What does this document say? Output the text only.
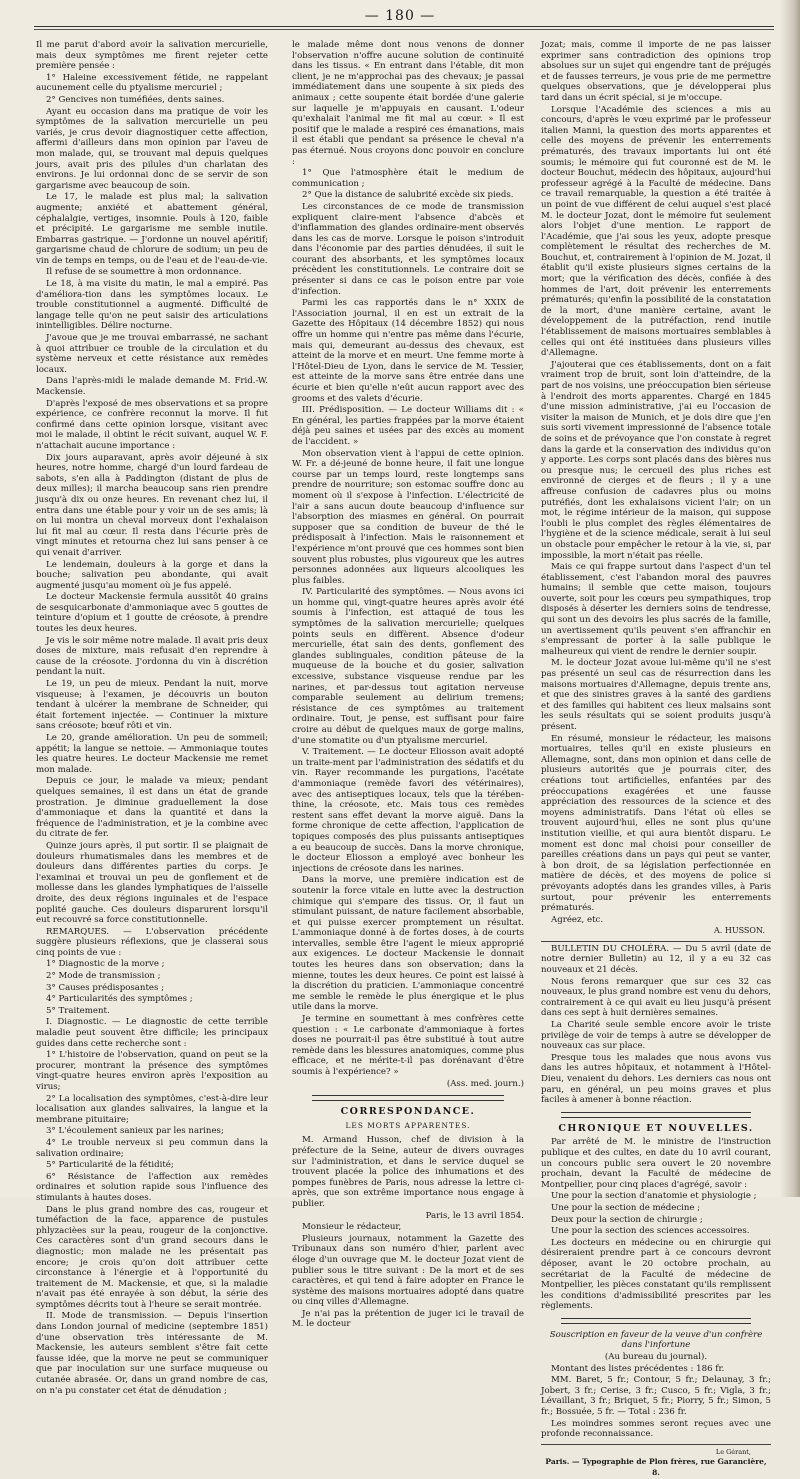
— 180 —

Il me parut d'abord avoir la salivation mercurielle, mais deux symptômes me firent rejeter cette première pensée :

1° Haleine excessivement fétide, ne rappelant aucunement celle du ptyalisme mercuriel ;

2° Gencives non tuméfiées, dents saines.

Ayant eu occasion dans ma pratique de voir les symptômes de la salivation mercurielle un peu variés, je crus devoir diagnostiquer cette affection, affermi d'ailleurs dans mon opinion par l'aveu de mon malade, qui, se trouvant mal depuis quelques jours, avait pris des pilules d'un charlatan des environs. Je lui ordonnai donc de se servir de son gargarisme avec beaucoup de soin.

Le 17, le malade est plus mal; la salivation augmente; anxiété et abattement général, céphalalgie, vertiges, insomnie. Pouls à 120, faible et précipité. Le gargarisme me semble inutile. Embarras gastrique. — J'ordonne un nouvel apéritif; gargarisme chaud de chlorure de sodium; un peu de vin de temps en temps, ou de l'eau et de l'eau-de-vie.

Il refuse de se soumettre à mon ordonnance.

Le 18, à ma visite du matin, le mal a empiré. Pas d'améliora-tion dans les symptômes locaux. Le trouble constitutionnel a augmenté. Difficulté de langage telle qu'on ne peut saisir des articulations inintelligibles. Délire nocturne.

J'avoue que je me trouvai embarrassé, ne sachant à quoi attribuer ce trouble de la circulation et du système nerveux et cette résistance aux remèdes locaux.

Dans l'après-midi le malade demande M. Frid.-W. Mackensie.

D'après l'exposé de mes observations et sa propre expérience, ce confrère reconnut la morve. Il fut confirmé dans cette opinion lorsque, visitant avec moi le malade, il obtint le récit suivant, auquel W. F. n'attachait aucune importance :

Dix jours auparavant, après avoir déjeuné à six heures, notre homme, chargé d'un lourd fardeau de sabots, s'en alla à Paddington (distant de plus de deux milles); il marcha beaucoup sans rien prendre jusqu'à dix ou onze heures. En revenant chez lui, il entra dans une étable pour y voir un de ses amis; là on lui montra un cheval morveux dont l'exhalaison lui fit mal au cœur. Il resta dans l'écurie près de vingt minutes et retourna chez lui sans penser à ce qui venait d'arriver.

Le lendemain, douleurs à la gorge et dans la bouche; salivation peu abondante, qui avait augmenté jusqu'au moment où je fus appelé.

Le docteur Mackensie fermula aussitôt 40 grains de sesquicarbonate d'ammoniaque avec 5 gouttes de teinture d'opium et 1 goutte de créosote, à prendre toutes les deux heures.

Je vis le soir même notre malade. Il avait pris deux doses de mixture, mais refusait d'en reprendre à cause de la créosote. J'ordonna du vin à discrétion pendant la nuit.

Le 19, un peu de mieux. Pendant la nuit, morve visqueuse; à l'examen, je découvris un bouton tendant à ulcérer la membrane de Schneider, qui était fortement injectée. — Continuer la mixture sans créosote; bœuf rôti et vin.

Le 20, grande amélioration. Un peu de sommeil; appétit; la langue se nettoie. — Ammoniaque toutes les quatre heures. Le docteur Mackensie me remet mon malade.

Depuis ce jour, le malade va mieux; pendant quelques semaines, il est dans un état de grande prostration. Je diminue graduellement la dose d'ammoniaque et dans la quantité et dans la fréquence de l'administration, et je la combine avec du citrate de fer.

Quinze jours après, il put sortir. Il se plaignait de douleurs rhumatismales dans les membres et de douleurs dans différentes parties du corps. Je l'examinai et trouvai un peu de gonflement et de mollesse dans les glandes lymphatiques de l'aisselle droite, des deux régions inguinales et de l'espace poplité gauche. Ces douleurs disparurent lorsqu'il eut recouvré sa force constitutionnelle.

REMARQUES. — L'observation précédente suggère plusieurs réflexions, que je classerai sous cinq points de vue :

1° Diagnostic de la morve ;

2° Mode de transmission ;

3° Causes prédisposantes ;

4° Particularités des symptômes ;

5° Traitement.

I. Diagnostic. — Le diagnostic de cette terrible maladie peut souvent être difficile; les principaux guides dans cette recherche sont :

1° L'histoire de l'observation, quand on peut se la procurer, montrant la présence des symptômes vingt-quatre heures environ après l'exposition au virus;

2° La localisation des symptômes, c'est-à-dire leur localisation aux glandes salivaires, la langue et la membrane pituitaire;

3° L'écoulement sanieux par les narines;

4° Le trouble nerveux si peu commun dans la salivation ordinaire;

5° Particularité de la fétidité;

6° Résistance de l'affection aux remèdes ordinaires et solution rapide sous l'influence des stimulants à hautes doses.

Dans le plus grand nombre des cas, rougeur et tuméfaction de la face, apparence de pustules phlyzacièes sur la peau, rougeur de la conjonctive. Ces caractères sont d'un grand secours dans le diagnostic; mon malade ne les présentait pas encore; je crois qu'on doit attribuer cette circonstance à l'énergie et à l'opportunité du traitement de M. Mackensie, et que, si la maladie n'avait pas été enrayée à son début, la série des symptômes décrits tout à l'heure se serait montrée.

II. Mode de transmission. — Depuis l'insertion dans London journal of medicine (septembre 1851) d'une observation très intéressante de M. Mackensie, les auteurs semblent s'être fait cette fausse idée, que la morve ne peut se communiquer que par inoculation sur une surface muqueuse ou cutanée abrasée. Or, dans un grand nombre de cas, on n'a pu constater cet état de dénudation ;

le malade même dont nous venons de donner l'observation n'offre aucune solution de continuité dans les tissus. « En entrant dans l'étable, dit mon client, je ne m'approchai pas des chevaux; je passai immédiatement dans une soupente à six pieds des animaux ; cette soupente était bordée d'une galerie sur laquelle je m'appuyais en causant. L'odeur qu'exhalait l'animal me fit mal au cœur. » Il est positif que le malade a respiré ces émanations, mais il est établi que pendant sa présence le cheval n'a pas éternué. Nous croyons donc pouvoir en conclure :

1° Que l'atmosphère était le medium de communication ;

2° Que la distance de salubrité excède six pieds.

Les circonstances de ce mode de transmission expliquent claire-ment l'absence d'abcès et d'inflammation des glandes ordinaire-ment observés dans les cas de morve. Lorsque le poison s'introduit dans l'économie par des parties dénudées, il suit le courant des absorbants, et les symptômes locaux précèdent les constitutionnels. Le contraire doit se présenter si dans ce cas le poison entre par voie d'infection.

Parmi les cas rapportés dans le n° XXIX de l'Association journal, il en est un extrait de la Gazette des Hôpitaux (14 décembre 1852) qui nous offre un homme qui n'entre pas même dans l'écurie, mais qui, demeurant au-dessus des chevaux, est atteint de la morve et en meurt. Une femme morte à l'Hôtel-Dieu de Lyon, dans le service de M. Tessier, est atteinte de la morve sans être entrée dans une écurie et bien qu'elle n'eût aucun rapport avec des grooms et des valets d'écurie.

III. Prédisposition. — Le docteur Williams dit : « En général, les parties frappées par la morve étaient déjà peu saines et usées par des excès au moment de l'accident. »

Mon observation vient à l'appui de cette opinion. W. Fr. a dé-jeuné de bonne heure, il fait une longue course par un temps lourd, reste longtemps sans prendre de nourriture; son estomac souffre donc au moment où il s'expose à l'infection. L'électricité de l'air a sans aucun doute beaucoup d'influence sur l'absorption des miasmes en général. On pourrait supposer que sa condition de buveur de thé le prédisposait à l'infection. Mais le raisonnement et l'expérience m'ont prouvé que ces hommes sont bien souvent plus robustes, plus vigoureux que les autres personnes adonnées aux liqueurs alcooliques les plus faibles.

IV. Particularité des symptômes. — Nous avons ici un homme qui, vingt-quatre heures après avoir été soumis à l'infection, est attaqué de tous les symptômes de la salivation mercurielle; quelques points seuls en diffèrent. Absence d'odeur mercurielle, état sain des dents, gonflement des glandes sublinguales, condition pâteuse de la muqueuse de la bouche et du gosier, salivation excessive, substance visqueuse rendue par les narines, et par-dessus tout agitation nerveuse comparable seulement au delirium tremens; résistance de ces symptômes au traitement ordinaire. Tout, je pense, est suffisant pour faire croire au début de quelques maux de gorge malins, d'une stomatite ou d'un ptyalisme mercuriel.

V. Traitement. — Le docteur Eliosson avait adopté un traite-ment par l'administration des sédatifs et du vin. Rayer recommande les purgations, l'acétate d'ammoniaque (remède favori des vétérinaires), avec des antiseptiques locaux, tels que la térében-thine, la créosote, etc. Mais tous ces remèdes restent sans effet devant la morve aiguë. Dans la forme chronique de cette affection, l'application de topiques composés des plus puissants antiseptiques a eu beaucoup de succès. Dans la morve chronique, le docteur Eliosson a employé avec bonheur les injections de créosote dans les narines.

Dans la morve, une première indication est de soutenir la force vitale en lutte avec la destruction chimique qui s'empare des tissus. Or, il faut un stimulant puissant, de nature facilement absorbable, et qui puisse exercer promptement un résultat. L'ammoniaque donné à de fortes doses, à de courts intervalles, semble être l'agent le mieux approprié aux exigences. Le docteur Mackensie le donnait toutes les heures dans son observation; dans la mienne, toutes les deux heures. Ce point est laissé à la discrétion du praticien. L'ammoniaque concentré me semble le remède le plus énergique et le plus utile dans la morve.

Je termine en soumettant à mes confrères cette question : « Le carbonate d'ammoniaque à fortes doses ne pourrait-il pas être substitué à tout autre remède dans les blessures anatomiques, comme plus efficace, et ne mérite-t-il pas dorénavant d'être soumis à l'expérience? »

(Ass. med. journ.)

CORRESPONDANCE.
LES MORTS APPARENTES.

M. Armand Husson, chef de division à la préfecture de la Seine, auteur de divers ouvrages sur l'administration, et dans le service duquel se trouvent placée la police des inhumations et des pompes funèbres de Paris, nous adresse la lettre ci-après, que son extrême importance nous engage à publier.

Paris, le 13 avril 1854.

Monsieur le rédacteur,

Plusieurs journaux, notamment la Gazette des Tribunaux dans son numéro d'hier, parlent avec éloge d'un ouvrage que M. le docteur Jozat vient de publier sous le titre suivant : De la mort et de ses caractères, et qui tend à faire adopter en France le système des maisons mortuaires adopté dans quatre ou cinq villes d'Allemagne.

Je n'ai pas la prétention de juger ici le travail de M. le docteur

Jozat; mais, comme il importe de ne pas laisser exprimer sans contradiction des opinions trop absolues sur un sujet qui engendre tant de préjugés et de fausses terreurs, je vous prie de me permettre quelques observations, que je développerai plus tard dans un écrit spécial, si je m'occupe.

Lorsque l'Académie des sciences a mis au concours, d'après le vœu exprimé par le professeur italien Manni, la question des morts apparentes et celle des moyens de prévenir les enterrements prématurés, des travaux importants lui ont été soumis; le mémoire qui fut couronné est de M. le docteur Bouchut, médecin des hôpitaux, aujourd'hui professeur agrégé à la Faculté de médecine. Dans ce travail remarquable, la question a été traitée à un point de vue différent de celui auquel s'est placé M. le docteur Jozat, dont le mémoire fut seulement alors l'objet d'une mention. Le rapport de l'Académie, que j'ai sous les yeux, adopte presque complètement le résultat des recherches de M. Bouchut, et, contrairement à l'opinion de M. Jozat, il établit qu'il existe plusieurs signes certains de la mort; que la vérification des décès, confiée à des hommes de l'art, doit prévenir les enterrements prématurés; qu'enfin la possibilité de la constatation de la mort, d'une manière certaine, avant le développement de la putréfaction, rend inutile l'établissement de maisons mortuaires semblables à celles qui ont été instituées dans plusieurs villes d'Allemagne.

J'ajouterai que ces établissements, dont on a fait vraiment trop de bruit, sont loin d'atteindre, de la part de nos voisins, une préoccupation bien sérieuse à l'endroit des morts apparentes. Chargé en 1845 d'une mission administrative, j'ai eu l'occasion de visiter la maison de Munich, et je dois dire que j'en suis sorti vivement impressionné de l'absence totale de soins et de prévoyance que l'on constate à regret dans la garde et la conservation des individus qu'on y apporte. Les corps sont placés dans des bières nus ou presque nus; le cercueil des plus riches est environné de cierges et de fleurs ; il y a une affreuse confusion de cadavres plus ou moins putréfiés, dont les exhalaisons vicient l'air; on un mot, le régime intérieur de la maison, qui suppose l'oubli le plus complet des règles élémentaires de l'hygiène et de la science médicale, serait à lui seul un obstacle pour empêcher le retour à la vie, si, par impossible, la mort n'était pas réelle.

Mais ce qui frappe surtout dans l'aspect d'un tel établissement, c'est l'abandon moral des pauvres humains; il semble que cette maison, toujours ouverte, soit pour les cœurs peu sympathiques, trop disposés à déserter les derniers soins de tendresse, qui sont un des devoirs les plus sacrés de la famille, un avertissement qu'ils peuvent s'en affranchir en s'empressant de porter à la salle publique le malheureux qui vient de rendre le dernier soupir.

M. le docteur Jozat avoue lui-même qu'il ne s'est pas présenté un seul cas de résurrection dans les maisons mortuaires d'Allemagne, depuis trente ans, et que des sinistres graves à la santé des gardiens et des familles qui habitent ces lieux malsains sont les seuls résultats qui se soient produits jusqu'à présent.

En résumé, monsieur le rédacteur, les maisons mortuaires, telles qu'il en existe plusieurs en Allemagne, sont, dans mon opinion et dans celle de plusieurs autorités que je pourrais citer, des créations tout artificielles, enfantées par des préoccupations exagérées et une fausse appréciation des ressources de la science et des moyens administratifs. Dans l'état où elles se trouvent aujourd'hui, elles ne sont plus qu'une institution vieillie, et qui aura bientôt disparu. Le moment est donc mal choisi pour conseiller de pareilles créations dans un pays qui peut se vanter, à bon droit, de sa législation perfectionnée en matière de décès, et des moyens de police si prévoyants adoptés dans les grandes villes, à Paris surtout, pour prévenir les enterrements prématurés.

Agréez, etc.

A. HUSSON.

BULLETIN DU CHOLÉRA. — Du 5 avril (date de notre dernier Bulletin) au 12, il y a eu 32 cas nouveaux et 21 décès.

Nous ferons remarquer que sur ces 32 cas nouveaux, le plus grand nombre est venu du dehors, contrairement à ce qui avait eu lieu jusqu'à présent dans ces sept à huit dernières semaines.

La Charité seule semble encore avoir le triste privilège de voir de temps à autre se développer de nouveaux cas sur place.

Presque tous les malades que nous avons vus dans les autres hôpitaux, et notamment à l'Hôtel-Dieu, venaient du dehors. Les derniers cas nous ont paru, en général, un peu moins graves et plus faciles à amener à bonne réaction.

CHRONIQUE ET NOUVELLES.

Par arrêté de M. le ministre de l'instruction publique et des cultes, en date du 10 avril courant, un concours public sera ouvert le 20 novembre prochain, devant la Faculté de médecine de Montpellier, pour cinq places d'agrégé, savoir :

Une pour la section d'anatomie et physiologie ;

Une pour la section de médecine ;

Deux pour la section de chirurgie ;

Une pour la section des sciences accessoires.

Les docteurs en médecine ou en chirurgie qui désireraient prendre part à ce concours devront déposer, avant le 20 octobre prochain, au secrétariat de la Faculté de médecine de Montpellier, les pièces constatant qu'ils remplissent les conditions d'admissibilité prescrites par les règlements.

Souscription en faveur de la veuve d'un confrère dans l'infortune

(Au bureau du journal).

Montant des listes précédentes : 186 fr.

MM. Baret, 5 fr.; Contour, 5 fr.; Delaunay, 3 fr.; Jobert, 3 fr.; Cerise, 3 fr.; Cusco, 5 fr.; Vigla, 3 fr.; Lévaillant, 3 fr.; Briquet, 5 fr.; Piorry, 5 fr.; Simon, 5 fr.; Bossuée, 5 fr. — Total : 236 fr.

Les moindres sommes seront reçues avec une profonde reconnaissance.

Le Gérant,
Paris. — Typographie de Plon frères, rue Garancière, 8.
